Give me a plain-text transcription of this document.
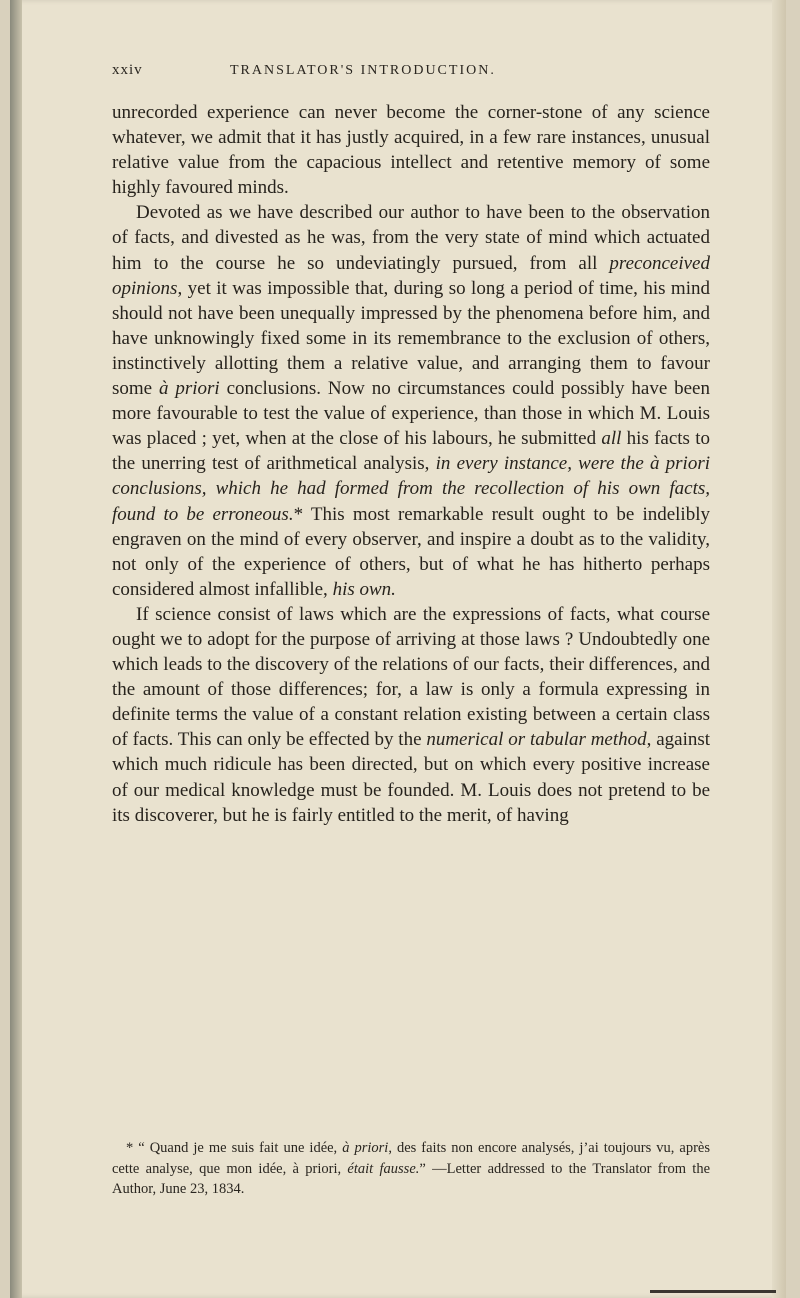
xxiv	TRANSLATOR'S INTRODUCTION.

unrecorded experience can never become the corner-stone of any science whatever, we admit that it has justly acquired, in a few rare instances, unusual relative value from the capacious intellect and retentive memory of some highly favoured minds.

Devoted as we have described our author to have been to the observation of facts, and divested as he was, from the very state of mind which actuated him to the course he so undeviatingly pursued, from all preconceived opinions, yet it was impossible that, during so long a period of time, his mind should not have been unequally impressed by the phenomena before him, and have unknowingly fixed some in its remembrance to the exclusion of others, instinctively allotting them a relative value, and arranging them to favour some à priori conclusions. Now no circumstances could possibly have been more favourable to test the value of experience, than those in which M. Louis was placed ; yet, when at the close of his labours, he submitted all his facts to the unerring test of arithmetical analysis, in every instance, were the à priori conclusions, which he had formed from the recollection of his own facts, found to be erroneous.* This most remarkable result ought to be indelibly engraven on the mind of every observer, and inspire a doubt as to the validity, not only of the experience of others, but of what he has hitherto perhaps considered almost infallible, his own.

If science consist of laws which are the expressions of facts, what course ought we to adopt for the purpose of arriving at those laws ? Undoubtedly one which leads to the discovery of the relations of our facts, their differences, and the amount of those differences; for, a law is only a formula expressing in definite terms the value of a constant relation existing between a certain class of facts. This can only be effected by the numerical or tabular method, against which much ridicule has been directed, but on which every positive increase of our medical knowledge must be founded. M. Louis does not pretend to be its discoverer, but he is fairly entitled to the merit, of having

* “ Quand je me suis fait une idée, à priori, des faits non encore analysés, j’ai toujours vu, après cette analyse, que mon idée, à priori, était fausse.” —Letter addressed to the Translator from the Author, June 23, 1834.
